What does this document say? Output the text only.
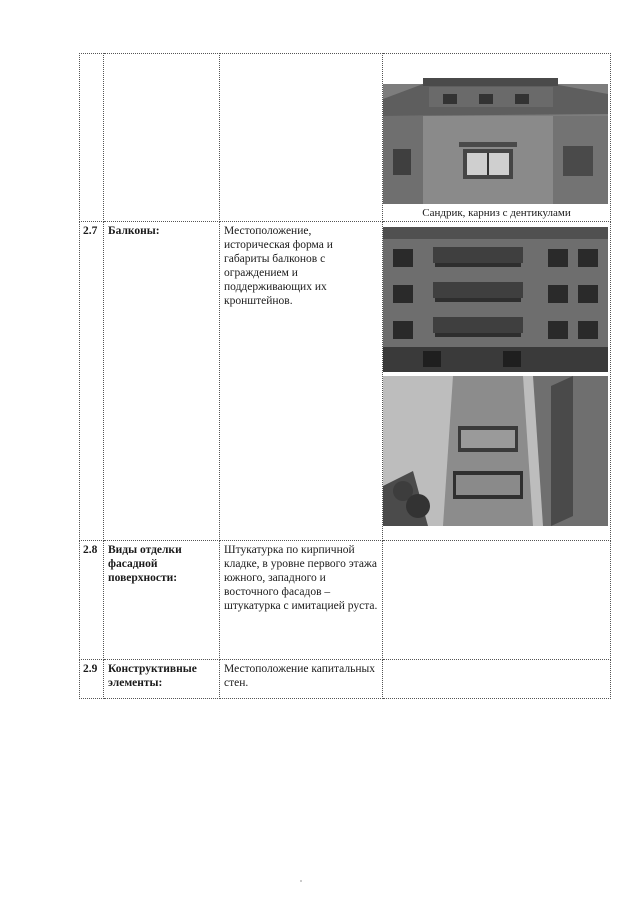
			Сандрик, карниз с дентикулами

2.7	Балконы:	Местоположение, историческая форма и габариты балконов с ограждением и поддерживающих их кронштейнов.	

2.8	Виды отделки фасадной поверхности:	Штукатурка по кирпичной кладке, в уровне первого этажа южного, западного и восточного фасадов – штукатурка с имитацией руста.	
2.9	Конструктивные элементы:	Местоположение капитальных стен.	
